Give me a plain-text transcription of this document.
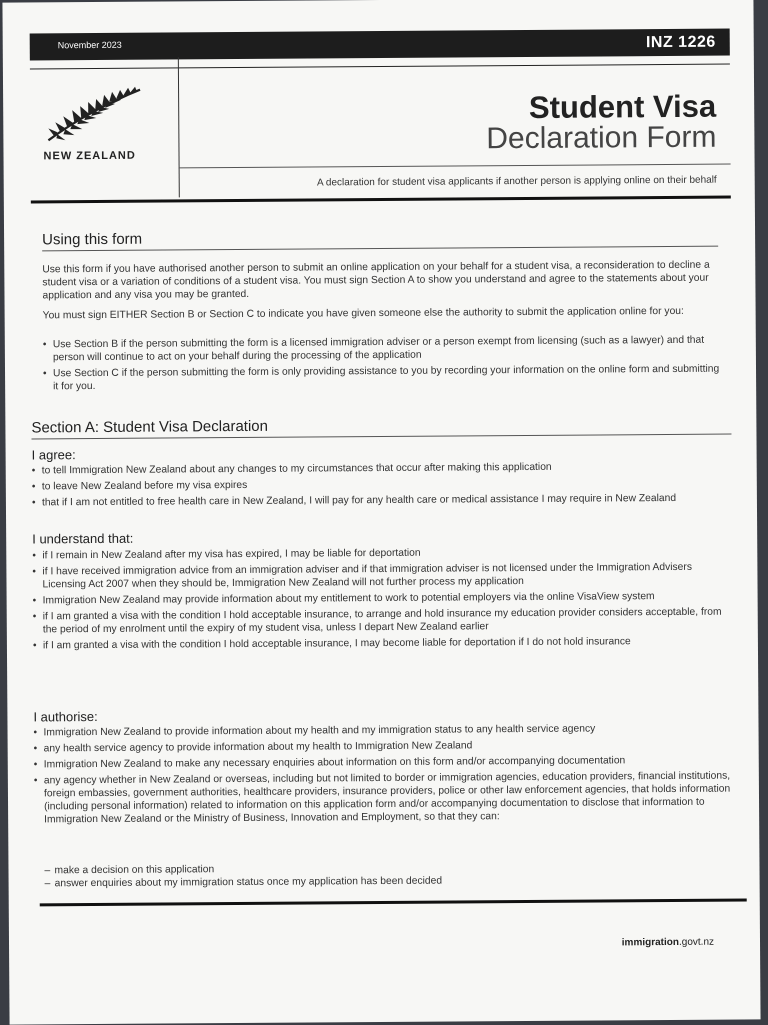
November 2023	INZ 1226
NEW ZEALAND
Student Visa
Declaration Form
A declaration for student visa applicants if another person is applying online on their behalf
Using this form

Use this form if you have authorised another person to submit an online application on your behalf for a student visa, a reconsideration to decline a student visa or a variation of conditions of a student visa. You must sign Section A to show you understand and agree to the statements about your application and any visa you may be granted.

You must sign EITHER Section B or Section C to indicate you have given someone else the authority to submit the application online for you:

• Use Section B if the person submitting the form is a licensed immigration adviser or a person exempt from licensing (such as a lawyer) and that person will continue to act on your behalf during the processing of the application
• Use Section C if the person submitting the form is only providing assistance to you by recording your information on the online form and submitting it for you.
Section A: Student Visa Declaration
I agree:
• to tell Immigration New Zealand about any changes to my circumstances that occur after making this application
• to leave New Zealand before my visa expires
• that if I am not entitled to free health care in New Zealand, I will pay for any health care or medical assistance I may require in New Zealand
I understand that:
• if I remain in New Zealand after my visa has expired, I may be liable for deportation
• if I have received immigration advice from an immigration adviser and if that immigration adviser is not licensed under the Immigration Advisers Licensing Act 2007 when they should be, Immigration New Zealand will not further process my application
• Immigration New Zealand may provide information about my entitlement to work to potential employers via the online VisaView system
• if I am granted a visa with the condition I hold acceptable insurance, to arrange and hold insurance my education provider considers acceptable, from the period of my enrolment until the expiry of my student visa, unless I depart New Zealand earlier
• if I am granted a visa with the condition I hold acceptable insurance, I may become liable for deportation if I do not hold insurance
I authorise:
• Immigration New Zealand to provide information about my health and my immigration status to any health service agency
• any health service agency to provide information about my health to Immigration New Zealand
• Immigration New Zealand to make any necessary enquiries about information on this form and/or accompanying documentation
• any agency whether in New Zealand or overseas, including but not limited to border or immigration agencies, education providers, financial institutions, foreign embassies, government authorities, healthcare providers, insurance providers, police or other law enforcement agencies, that holds information (including personal information) related to information on this application form and/or accompanying documentation to disclose that information to Immigration New Zealand or the Ministry of Business, Innovation and Employment, so that they can:
– make a decision on this application
– answer enquiries about my immigration status once my application has been decided
immigration.govt.nz
